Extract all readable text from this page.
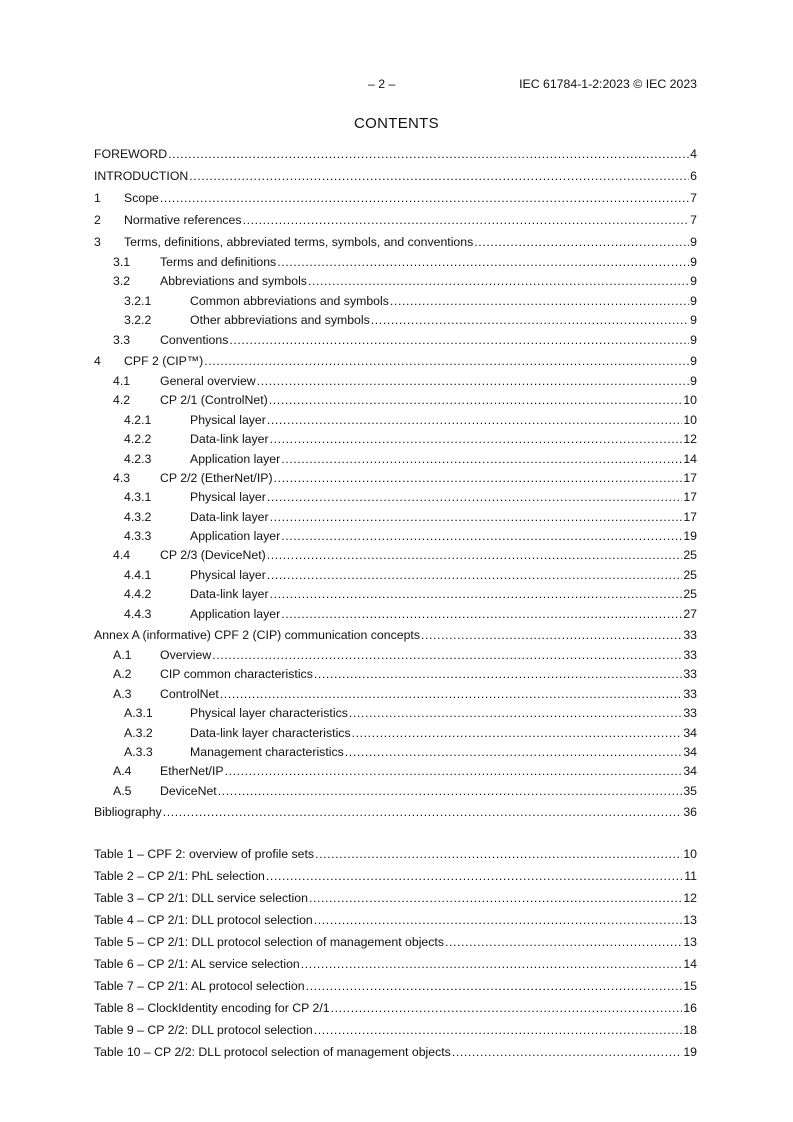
– 2 –	IEC 61784-1-2:2023 © IEC 2023
CONTENTS
FOREWORD .....	4
INTRODUCTION .....	6
1	Scope .....	7
2	Normative references .....	7
3	Terms, definitions, abbreviated terms, symbols, and conventions .....	9
3.1	Terms and definitions .....	9
3.2	Abbreviations and symbols .....	9
3.2.1	Common abbreviations and symbols .....	9
3.2.2	Other abbreviations and symbols .....	9
3.3	Conventions .....	9
4	CPF 2 (CIP™) .....	9
4.1	General overview .....	9
4.2	CP 2/1 (ControlNet) .....	10
4.2.1	Physical layer .....	10
4.2.2	Data-link layer .....	12
4.2.3	Application layer .....	14
4.3	CP 2/2 (EtherNet/IP) .....	17
4.3.1	Physical layer .....	17
4.3.2	Data-link layer .....	17
4.3.3	Application layer .....	19
4.4	CP 2/3 (DeviceNet) .....	25
4.4.1	Physical layer .....	25
4.4.2	Data-link layer .....	25
4.4.3	Application layer .....	27
Annex A (informative) CPF 2 (CIP) communication concepts .....	33
A.1	Overview .....	33
A.2	CIP common characteristics .....	33
A.3	ControlNet .....	33
A.3.1	Physical layer characteristics .....	33
A.3.2	Data-link layer characteristics .....	34
A.3.3	Management characteristics .....	34
A.4	EtherNet/IP .....	34
A.5	DeviceNet .....	35
Bibliography .....	36
Table 1 – CPF 2: overview of profile sets .....	10
Table 2 – CP 2/1: PhL selection .....	11
Table 3 – CP 2/1: DLL service selection .....	12
Table 4 – CP 2/1: DLL protocol selection .....	13
Table 5 – CP 2/1: DLL protocol selection of management objects .....	13
Table 6 – CP 2/1: AL service selection .....	14
Table 7 – CP 2/1: AL protocol selection .....	15
Table 8 – ClockIdentity encoding for CP 2/1 .....	16
Table 9 – CP 2/2: DLL protocol selection .....	18
Table 10 – CP 2/2: DLL protocol selection of management objects .....	19
